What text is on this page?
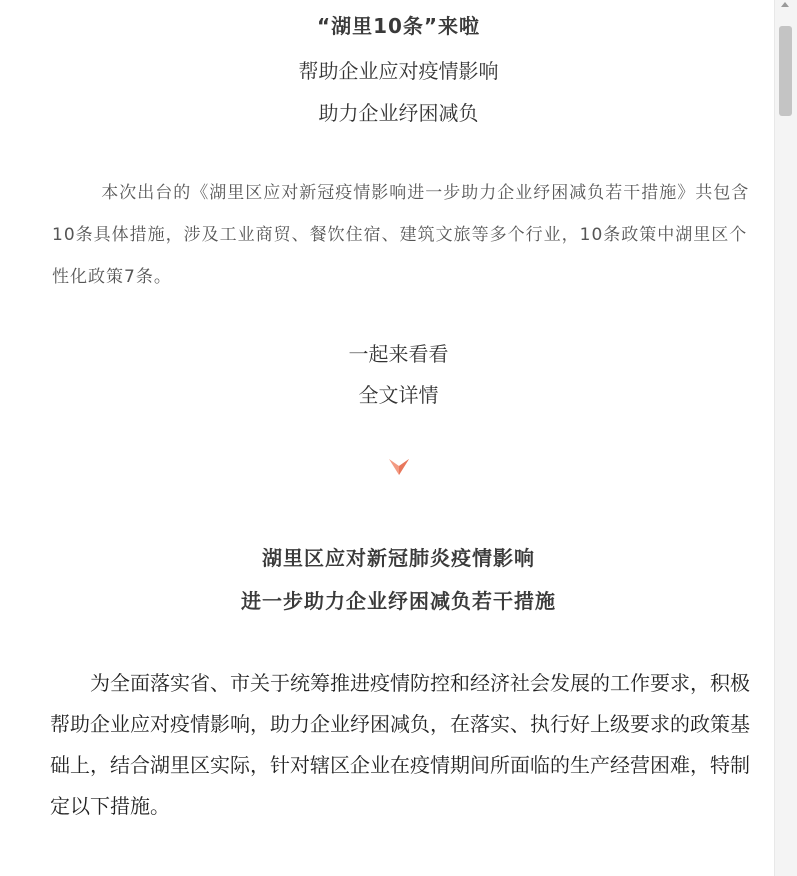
“湖里10条”来啦
帮助企业应对疫情影响
助力企业纾困减负
本次出台的《湖里区应对新冠疫情影响进一步助力企业纾困减负若干措施》共包含10条具体措施，涉及工业商贸、餐饮住宿、建筑文旅等多个行业，10条政策中湖里区个性化政策7条。
一起来看看
全文详情
湖里区应对新冠肺炎疫情影响
进一步助力企业纾困减负若干措施
为全面落实省、市关于统筹推进疫情防控和经济社会发展的工作要求，积极帮助企业应对疫情影响，助力企业纾困减负，在落实、执行好上级要求的政策基础上，结合湖里区实际，针对辖区企业在疫情期间所面临的生产经营困难，特制定以下措施。
